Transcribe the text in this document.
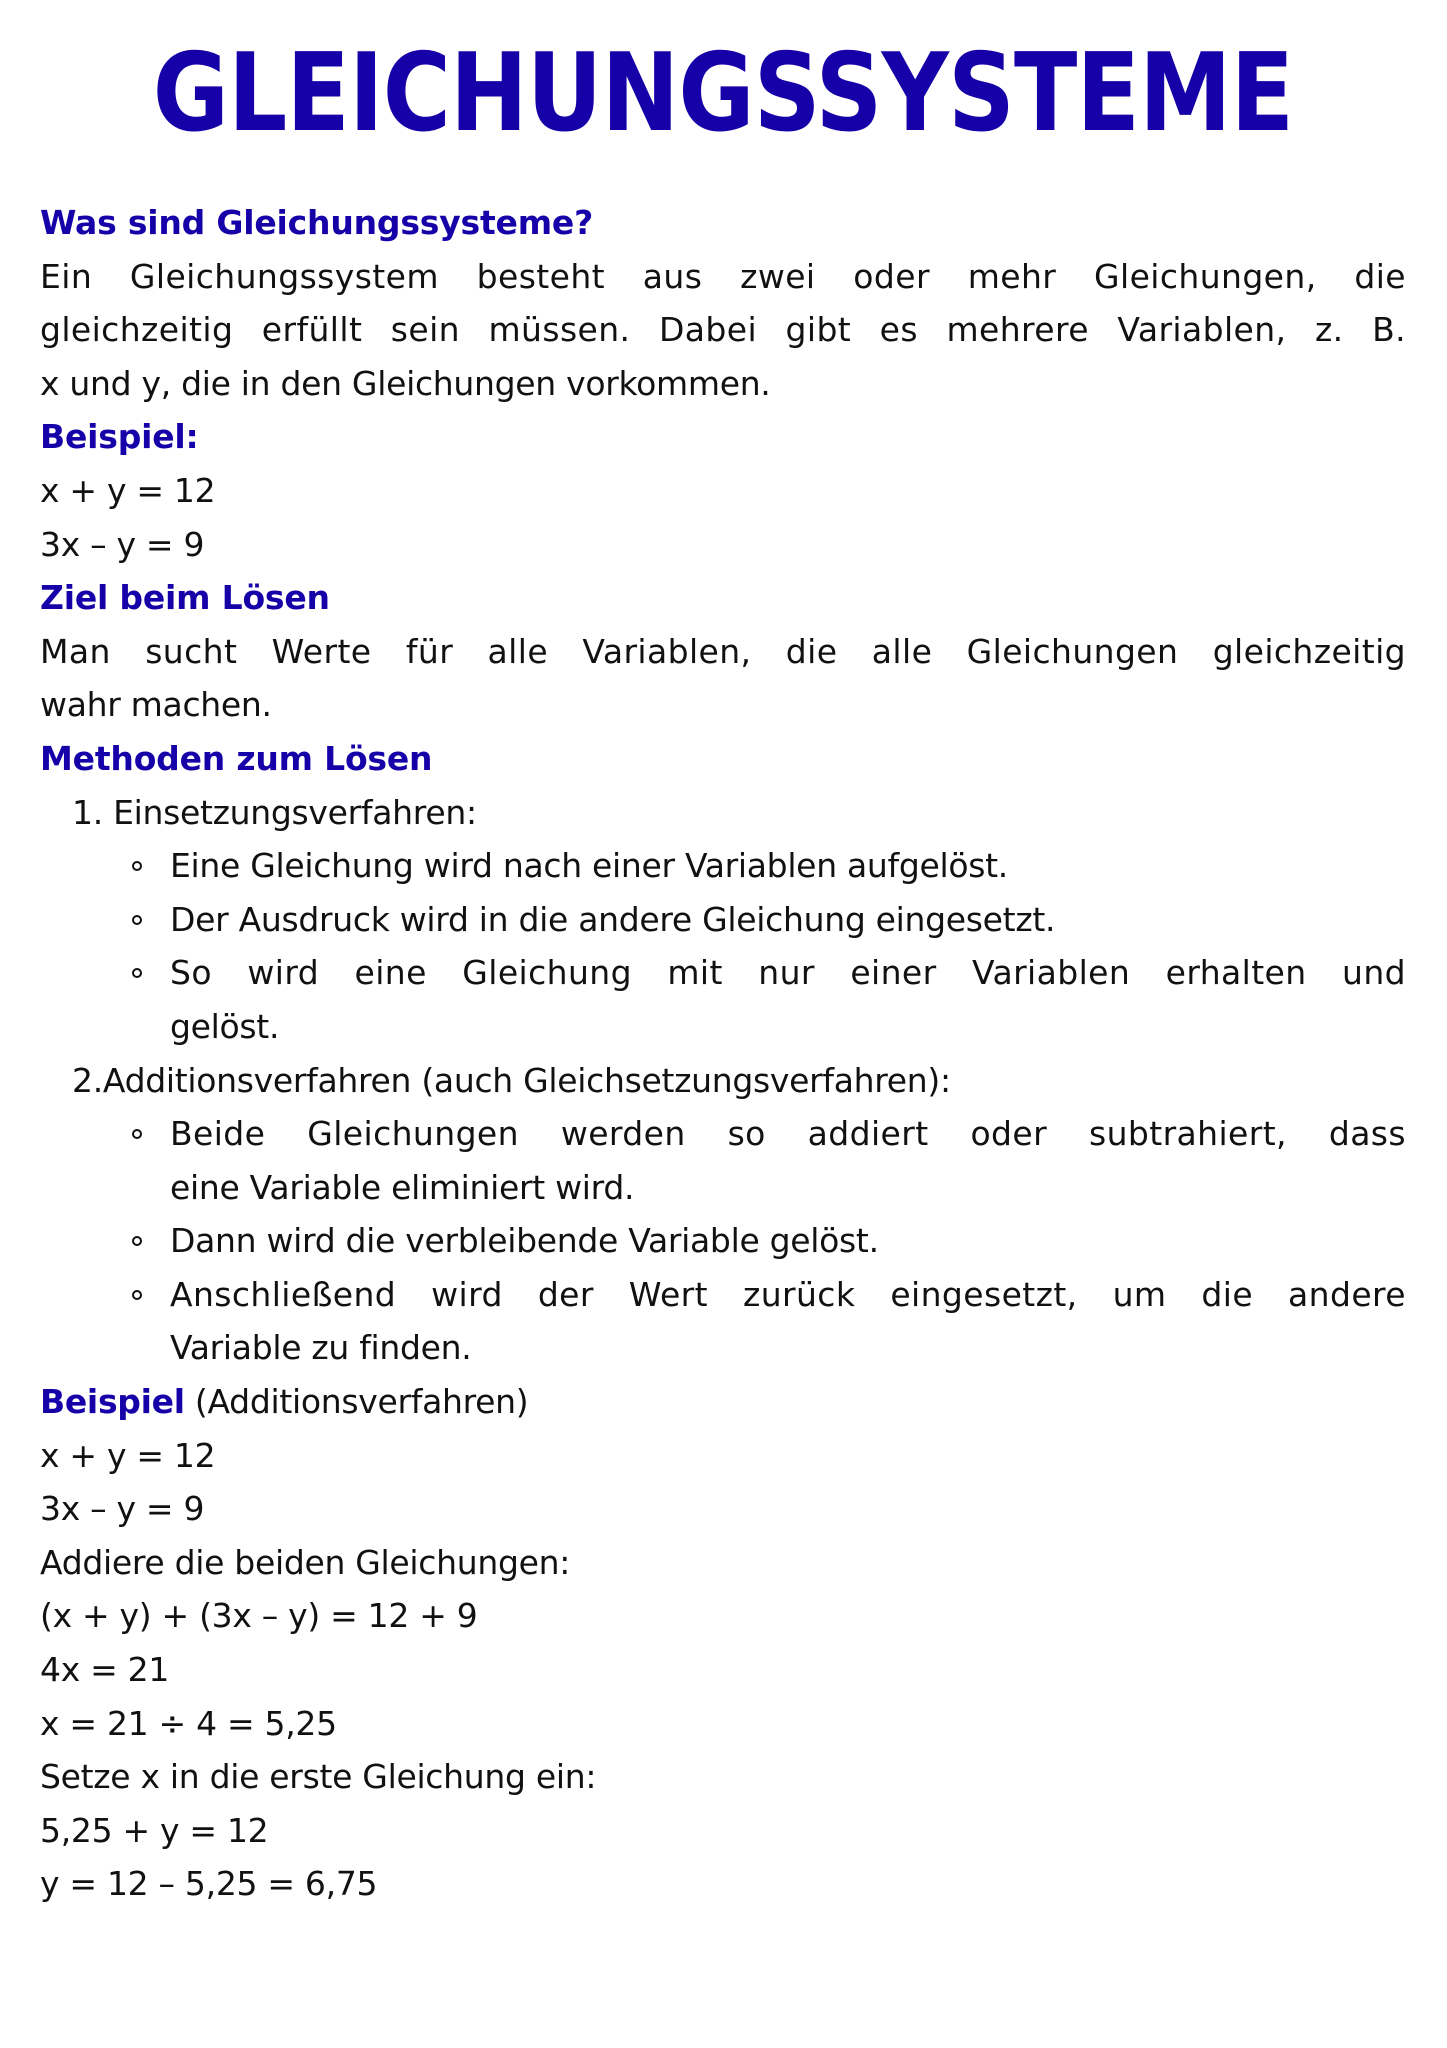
GLEICHUNGSSYSTEME
Was sind Gleichungssysteme?
Ein Gleichungssystem besteht aus zwei oder mehr Gleichungen, die
gleichzeitig erfüllt sein müssen. Dabei gibt es mehrere Variablen, z. B.
x und y, die in den Gleichungen vorkommen.
Beispiel:
x + y = 12
3x – y = 9
Ziel beim Lösen
Man sucht Werte für alle Variablen, die alle Gleichungen gleichzeitig
wahr machen.
Methoden zum Lösen
1. Einsetzungsverfahren:
Eine Gleichung wird nach einer Variablen aufgelöst.
Der Ausdruck wird in die andere Gleichung eingesetzt.
So wird eine Gleichung mit nur einer Variablen erhalten und
gelöst.
2.Additionsverfahren (auch Gleichsetzungsverfahren):
Beide Gleichungen werden so addiert oder subtrahiert, dass
eine Variable eliminiert wird.
Dann wird die verbleibende Variable gelöst.
Anschließend wird der Wert zurück eingesetzt, um die andere
Variable zu finden.
Beispiel (Additionsverfahren)
x + y = 12
3x – y = 9
Addiere die beiden Gleichungen:
(x + y) + (3x – y) = 12 + 9
4x = 21
x = 21 ÷ 4 = 5,25
Setze x in die erste Gleichung ein:
5,25 + y = 12
y = 12 – 5,25 = 6,75
